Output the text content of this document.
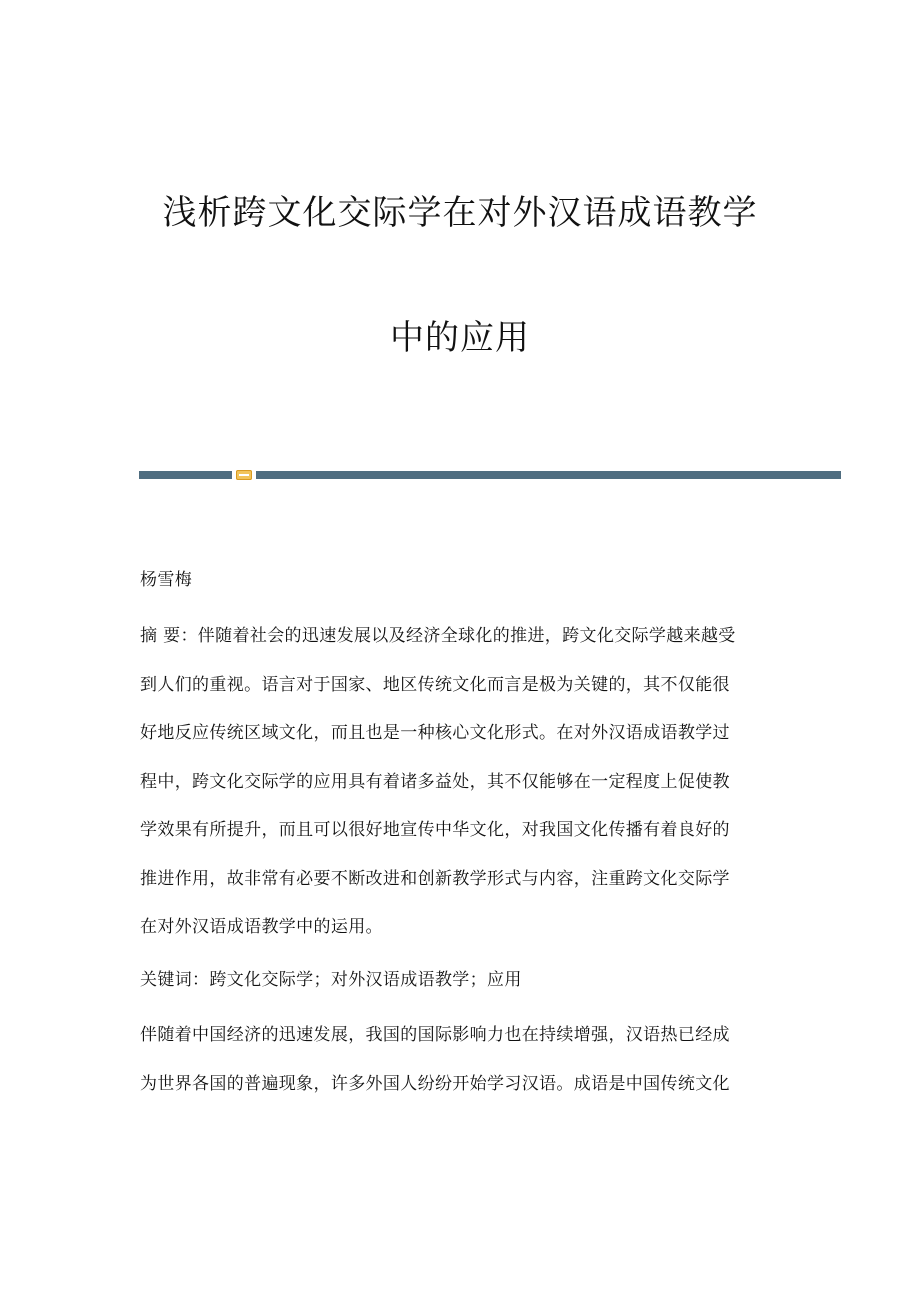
浅析跨文化交际学在对外汉语成语教学
中的应用
杨雪梅
摘 要：伴随着社会的迅速发展以及经济全球化的推进，跨文化交际学越来越受
到人们的重视。语言对于国家、地区传统文化而言是极为关键的，其不仅能很
好地反应传统区域文化，而且也是一种核心文化形式。在对外汉语成语教学过
程中，跨文化交际学的应用具有着诸多益处，其不仅能够在一定程度上促使教
学效果有所提升，而且可以很好地宣传中华文化，对我国文化传播有着良好的
推进作用，故非常有必要不断改进和创新教学形式与内容，注重跨文化交际学
在对外汉语成语教学中的运用。
关键词：跨文化交际学；对外汉语成语教学；应用
伴随着中国经济的迅速发展，我国的国际影响力也在持续增强，汉语热已经成
为世界各国的普遍现象，许多外国人纷纷开始学习汉语。成语是中国传统文化
